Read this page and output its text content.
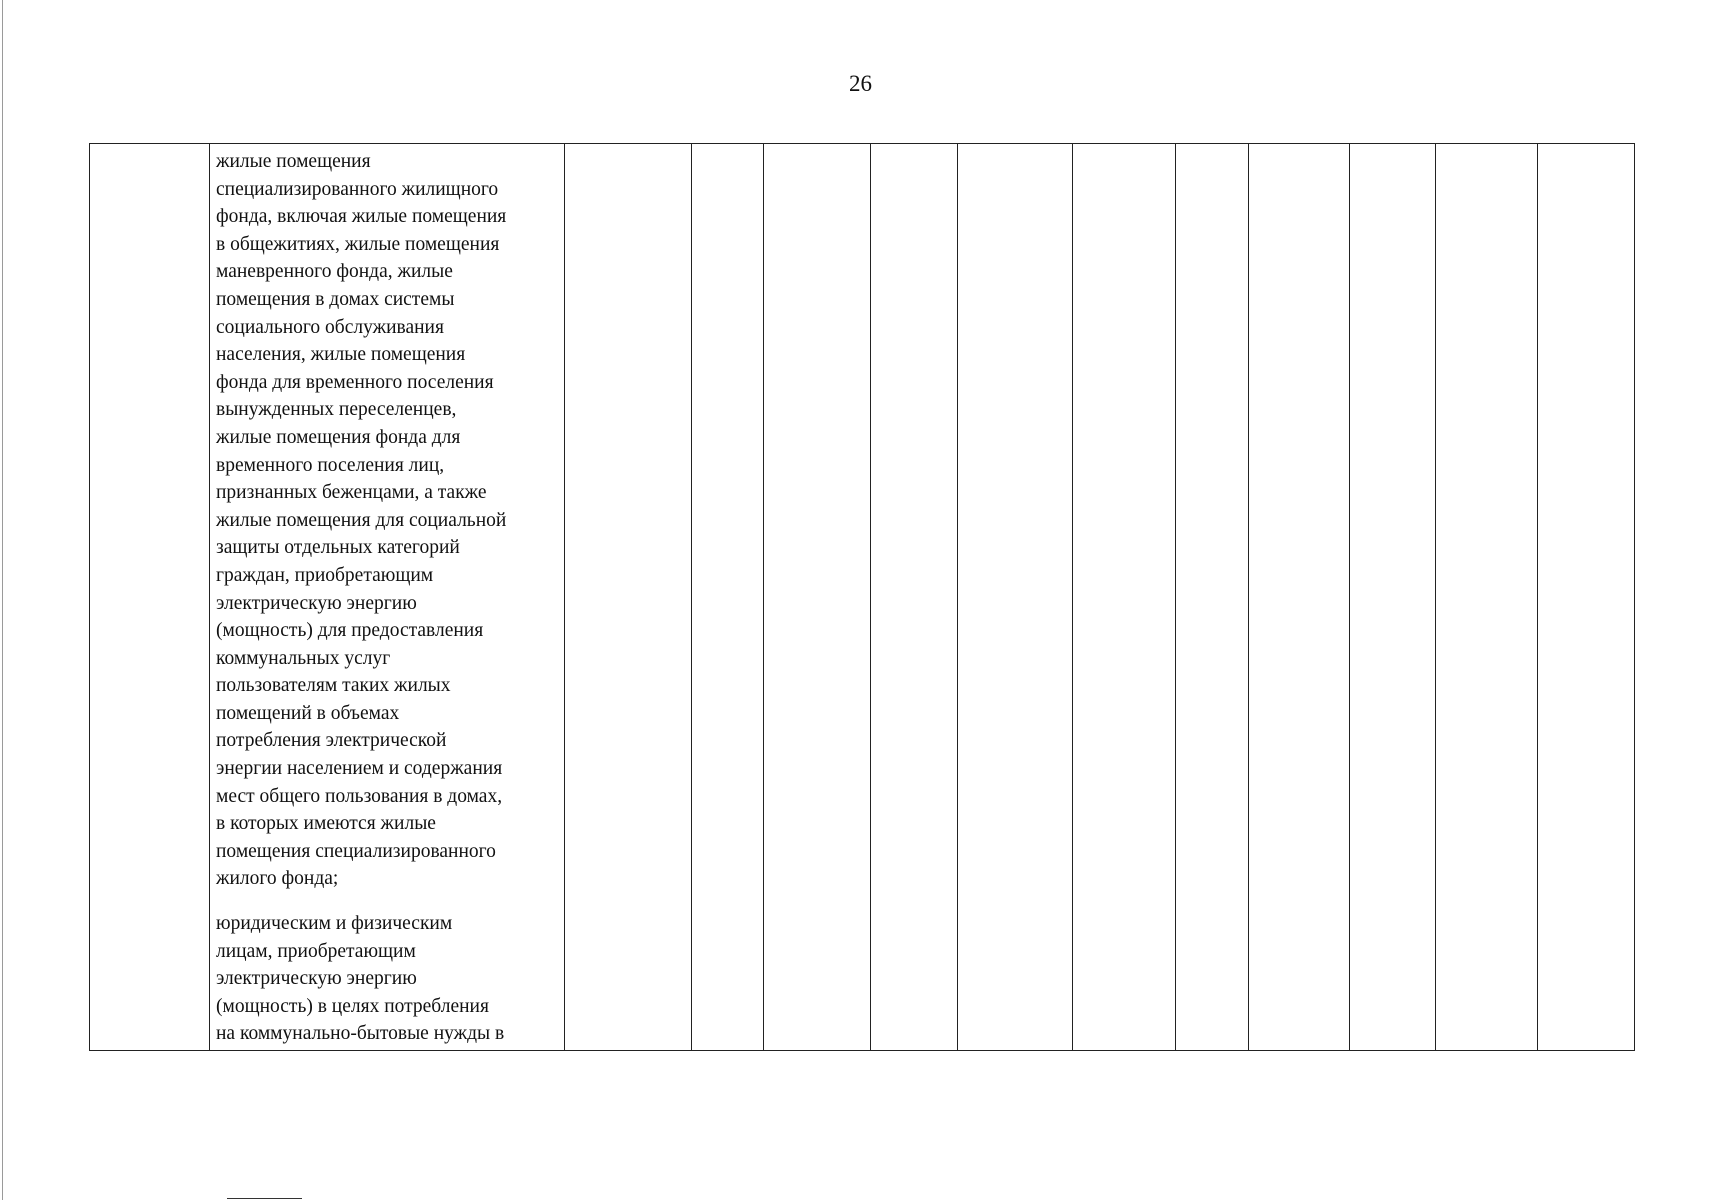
26

жилые помещения
специализированного жилищного
фонда, включая жилые помещения
в общежитиях, жилые помещения
маневренного фонда, жилые
помещения в домах системы
социального обслуживания
населения, жилые помещения
фонда для временного поселения
вынужденных переселенцев,
жилые помещения фонда для
временного поселения лиц,
признанных беженцами, а также
жилые помещения для социальной
защиты отдельных категорий
граждан, приобретающим
электрическую энергию
(мощность) для предоставления
коммунальных услуг
пользователям таких жилых
помещений в объемах
потребления электрической
энергии населением и содержания
мест общего пользования в домах,
в которых имеются жилые
помещения специализированного
жилого фонда;

юридическим и физическим
лицам, приобретающим
электрическую энергию
(мощность) в целях потребления
на коммунально-бытовые нужды в
